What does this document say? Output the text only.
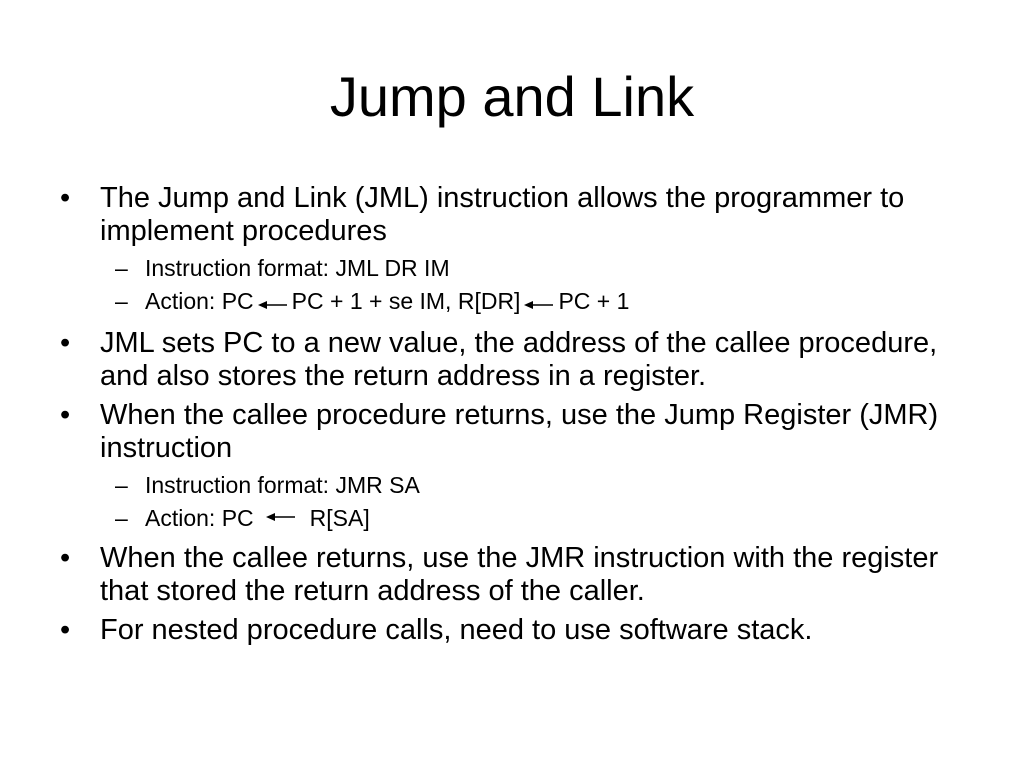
Jump and Link
• The Jump and Link (JML) instruction allows the programmer to implement procedures
– Instruction format: JML DR IM
– Action: PC PC + 1 + se IM, R[DR] PC + 1
• JML sets PC to a new value, the address of the callee procedure, and also stores the return address in a register.
• When the callee procedure returns, use the Jump Register (JMR) instruction
– Instruction format: JMR SA
– Action: PC R[SA]
• When the callee returns, use the JMR instruction with the register that stored the return address of the caller.
• For nested procedure calls, need to use software stack.
